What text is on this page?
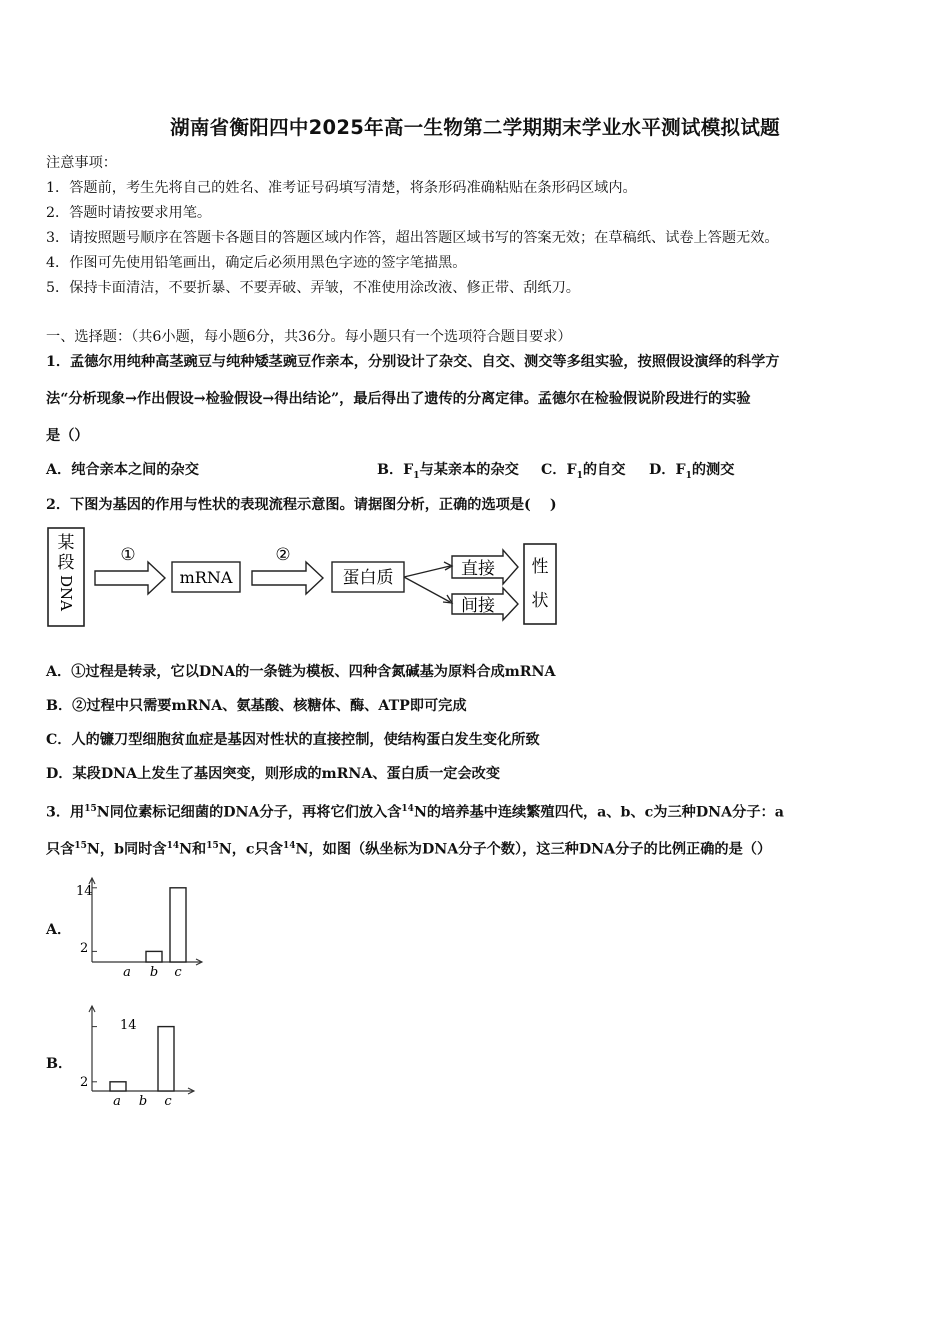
湖南省衡阳四中2025年高一生物第二学期期末学业水平测试模拟试题
注意事项：
1．答题前，考生先将自己的姓名、准考证号码填写清楚，将条形码准确粘贴在条形码区域内。
2．答题时请按要求用笔。
3．请按照题号顺序在答题卡各题目的答题区域内作答，超出答题区域书写的答案无效；在草稿纸、试卷上答题无效。
4．作图可先使用铅笔画出，确定后必须用黑色字迹的签字笔描黑。
5．保持卡面清洁，不要折暴、不要弄破、弄皱，不准使用涂改液、修正带、刮纸刀。
一、选择题：（共6小题，每小题6分，共36分。每小题只有一个选项符合题目要求）
1．孟德尔用纯种高茎豌豆与纯种矮茎豌豆作亲本，分别设计了杂交、自交、测交等多组实验，按照假设演绎的科学方
法“分析现象→作出假设→检验假设→得出结论”，最后得出了遗传的分离定律。孟德尔在检验假说阶段进行的实验
是（）
A．纯合亲本之间的杂交	B．$F_1$与某亲本的杂交 C．$F_1$的自交 D．$F_1$的测交
2．下图为基因的作用与性状的表现流程示意图。请据图分析，正确的选项是(　 )
某
段
DNA
①
mRNA
②
蛋白质	直接
间接
性
状
A．①过程是转录，它以DNA的一条链为模板、四种含氮碱基为原料合成mRNA
B．②过程中只需要mRNA、氨基酸、核糖体、酶、ATP即可完成
C．人的镰刀型细胞贫血症是基因对性状的直接控制，使结构蛋白发生变化所致
D．某段DNA上发生了基因突变，则形成的mRNA、蛋白质一定会改变
3．用$^{15}$N同位素标记细菌的DNA分子，再将它们放入含$^{14}$N的培养基中连续繁殖四代，a、b、c为三种DNA分子：a
只含$^{15}$N，b同时含$^{14}$N和$^{15}$N，c只含$^{14}$N，如图（纵坐标为DNA分子个数），这三种DNA分子的比例正确的是（）
A．
14
2
a b c
B．
14
2
a b c
